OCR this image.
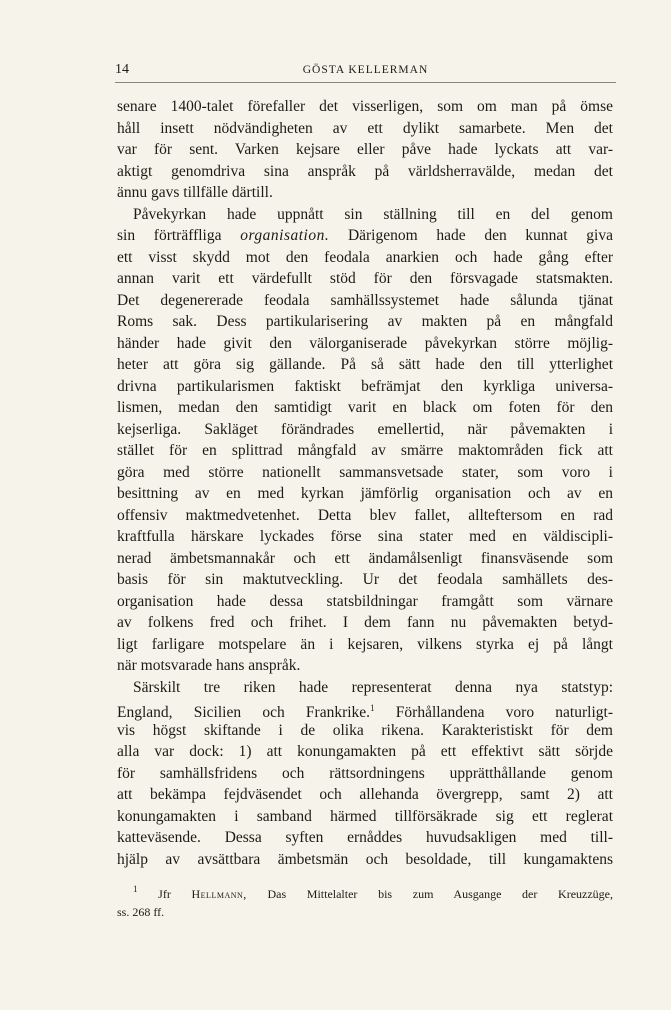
14	GÖSTA KELLERMAN
senare 1400-talet förefaller det visserligen, som om man på ömse
håll insett nödvändigheten av ett dylikt samarbete. Men det
var för sent. Varken kejsare eller påve hade lyckats att var-
aktigt genomdriva sina anspråk på världsherravälde, medan det
ännu gavs tillfälle därtill.
Påvekyrkan hade uppnått sin ställning till en del genom
sin förträffliga organisation. Därigenom hade den kunnat giva
ett visst skydd mot den feodala anarkien och hade gång efter
annan varit ett värdefullt stöd för den försvagade statsmakten.
Det degenererade feodala samhällssystemet hade sålunda tjänat
Roms sak. Dess partikularisering av makten på en mångfald
händer hade givit den välorganiserade påvekyrkan större möjlig-
heter att göra sig gällande. På så sätt hade den till ytterlighet
drivna partikularismen faktiskt befrämjat den kyrkliga universa-
lismen, medan den samtidigt varit en black om foten för den
kejserliga. Sakläget förändrades emellertid, när påvemakten i
stället för en splittrad mångfald av smärre maktområden fick att
göra med större nationellt sammansvetsade stater, som voro i
besittning av en med kyrkan jämförlig organisation och av en
offensiv maktmedvetenhet. Detta blev fallet, allteftersom en rad
kraftfulla härskare lyckades förse sina stater med en väldiscipli-
nerad ämbetsmannakår och ett ändamålsenligt finansväsende som
basis för sin maktutveckling. Ur det feodala samhällets des-
organisation hade dessa statsbildningar framgått som värnare
av folkens fred och frihet. I dem fann nu påvemakten betyd-
ligt farligare motspelare än i kejsaren, vilkens styrka ej på långt
när motsvarade hans anspråk.
Särskilt tre riken hade representerat denna nya statstyp:
England, Sicilien och Frankrike.$^1$ Förhållandena voro naturligt-
vis högst skiftande i de olika rikena. Karakteristiskt för dem
alla var dock: 1) att konungamakten på ett effektivt sätt sörjde
för samhällsfridens och rättsordningens upprätthållande genom
att bekämpa fejdväsendet och allehanda övergrepp, samt 2) att
konungamakten i samband härmed tillförsäkrade sig ett reglerat
katteväsende. Dessa syften ernåddes huvudsakligen med till-
hjälp av avsättbara ämbetsmän och besoldade, till kungamaktens
$^1$ Jfr Hellmann, Das Mittelalter bis zum Ausgange der Kreuzzüge,
ss. 268 ff.
